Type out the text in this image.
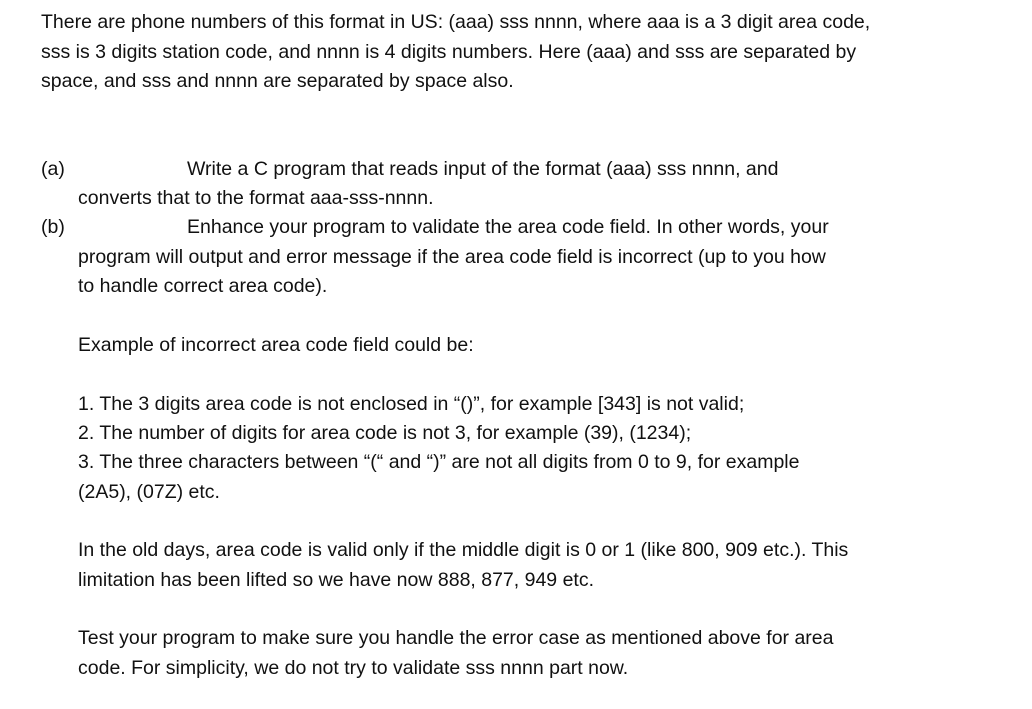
There are phone numbers of this format in US: (aaa) sss nnnn, where aaa is a 3 digit area code,
sss is 3 digits station code, and nnnn is 4 digits numbers. Here (aaa) and sss are separated by
space, and sss and nnnn are separated by space also.
(a)	Write a C program that reads input of the format (aaa) sss nnnn, and
converts that to the format aaa-sss-nnnn.
(b)	Enhance your program to validate the area code field. In other words, your
program will output and error message if the area code field is incorrect (up to you how
to handle correct area code).
Example of incorrect area code field could be:
1. The 3 digits area code is not enclosed in “()”, for example [343] is not valid;
2. The number of digits for area code is not 3, for example (39), (1234);
3. The three characters between “(“ and “)” are not all digits from 0 to 9, for example
(2A5), (07Z) etc.
In the old days, area code is valid only if the middle digit is 0 or 1 (like 800, 909 etc.). This
limitation has been lifted so we have now 888, 877, 949 etc.
Test your program to make sure you handle the error case as mentioned above for area
code. For simplicity, we do not try to validate sss nnnn part now.
